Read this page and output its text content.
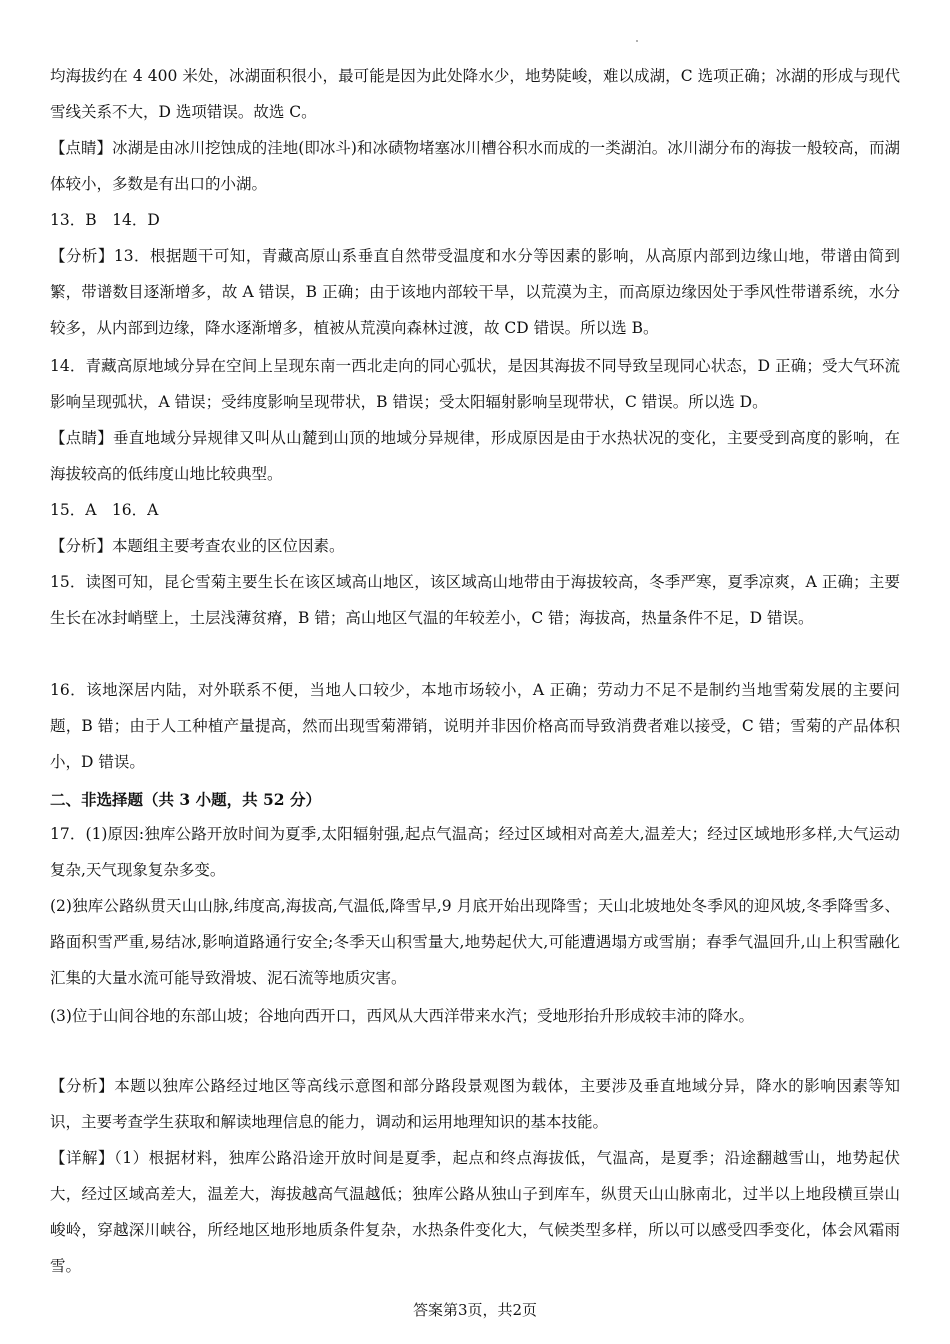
均海拔约在 4 400 米处，冰湖面积很小，最可能是因为此处降水少，地势陡峻，难以成湖，C 选项正确；冰湖的形成与现代雪线关系不大，D 选项错误。故选 C。

【点睛】冰湖是由冰川挖蚀成的洼地(即冰斗)和冰碛物堵塞冰川槽谷积水而成的一类湖泊。冰川湖分布的海拔一般较高，而湖体较小，多数是有出口的小湖。

13．B　14．D

【分析】13．根据题干可知，青藏高原山系垂直自然带受温度和水分等因素的影响，从高原内部到边缘山地，带谱由简到繁，带谱数目逐渐增多，故 A 错误，B 正确；由于该地内部较干旱，以荒漠为主，而高原边缘因处于季风性带谱系统，水分较多，从内部到边缘，降水逐渐增多，植被从荒漠向森林过渡，故 CD 错误。所以选 B。

14．青藏高原地域分异在空间上呈现东南一西北走向的同心弧状，是因其海拔不同导致呈现同心状态，D 正确；受大气环流影响呈现弧状，A 错误；受纬度影响呈现带状，B 错误；受太阳辐射影响呈现带状，C 错误。所以选 D。

【点睛】垂直地域分异规律又叫从山麓到山顶的地域分异规律，形成原因是由于水热状况的变化，主要受到高度的影响，在海拔较高的低纬度山地比较典型。

15．A　16．A

【分析】本题组主要考查农业的区位因素。

15．读图可知，昆仑雪菊主要生长在该区域高山地区，该区域高山地带由于海拔较高，冬季严寒，夏季凉爽，A 正确；主要生长在冰封峭壁上，土层浅薄贫瘠，B 错；高山地区气温的年较差小，C 错；海拔高，热量条件不足，D 错误。

16．该地深居内陆，对外联系不便，当地人口较少，本地市场较小，A 正确；劳动力不足不是制约当地雪菊发展的主要问题，B 错；由于人工种植产量提高，然而出现雪菊滞销，说明并非因价格高而导致消费者难以接受，C 错；雪菊的产品体积小，D 错误。

二、非选择题（共 3 小题，共 52 分）

17．(1)原因:独库公路开放时间为夏季,太阳辐射强,起点气温高；经过区域相对高差大,温差大；经过区域地形多样,大气运动复杂,天气现象复杂多变。

(2)独库公路纵贯天山山脉,纬度高,海拔高,气温低,降雪早,9 月底开始出现降雪；天山北坡地处冬季风的迎风坡,冬季降雪多、路面积雪严重,易结冰,影响道路通行安全;冬季天山积雪量大,地势起伏大,可能遭遇塌方或雪崩；春季气温回升,山上积雪融化汇集的大量水流可能导致滑坡、泥石流等地质灾害。

(3)位于山间谷地的东部山坡；谷地向西开口，西风从大西洋带来水汽；受地形抬升形成较丰沛的降水。

【分析】本题以独库公路经过地区等高线示意图和部分路段景观图为载体，主要涉及垂直地域分异，降水的影响因素等知识，主要考查学生获取和解读地理信息的能力，调动和运用地理知识的基本技能。

【详解】（1）根据材料，独库公路沿途开放时间是夏季，起点和终点海拔低，气温高，是夏季；沿途翻越雪山，地势起伏大，经过区域高差大，温差大，海拔越高气温越低；独库公路从独山子到库车，纵贯天山山脉南北，过半以上地段横亘崇山峻岭，穿越深川峡谷，所经地区地形地质条件复杂，水热条件变化大，气候类型多样，所以可以感受四季变化，体会风霜雨雪。

答案第3页，共2页
